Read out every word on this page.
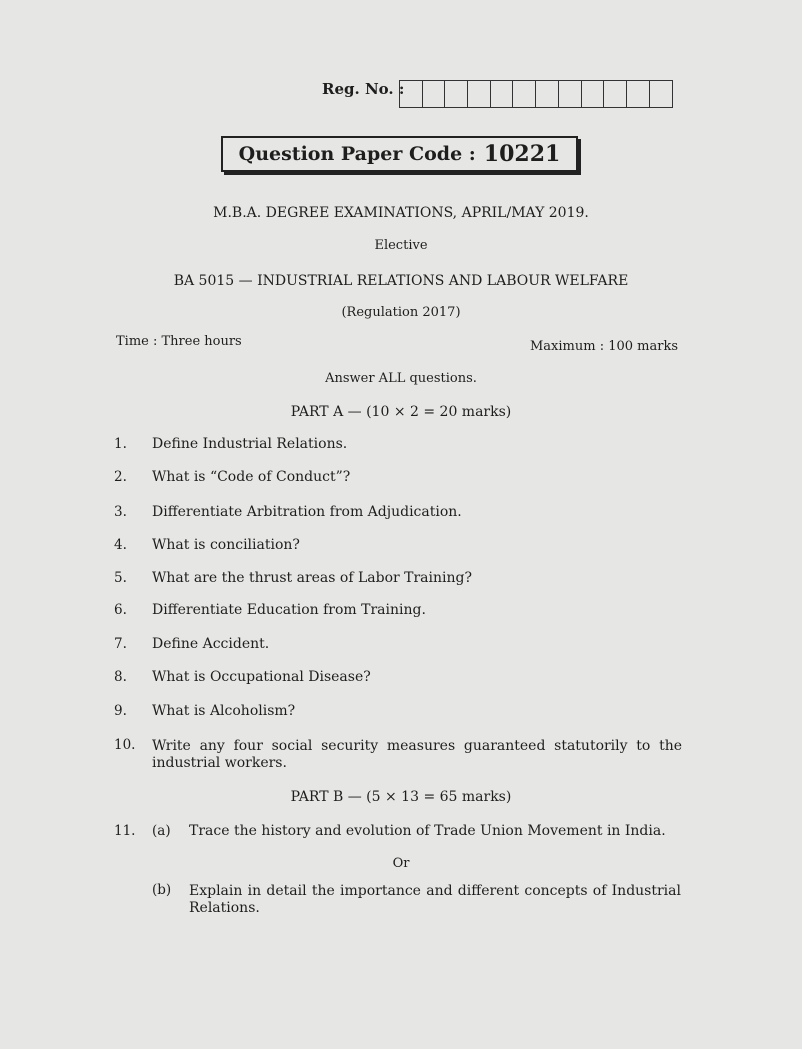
Reg. No. :
Question Paper Code : 10221
M.B.A. DEGREE EXAMINATIONS, APRIL/MAY 2019.
Elective
BA 5015 — INDUSTRIAL RELATIONS AND LABOUR WELFARE
(Regulation 2017)
Time : Three hours	Maximum : 100 marks
Answer ALL questions.
PART A — (10 × 2 = 20 marks)
1. Define Industrial Relations.
2. What is “Code of Conduct”?
3. Differentiate Arbitration from Adjudication.
4. What is conciliation?
5. What are the thrust areas of Labor Training?
6. Differentiate Education from Training.
7. Define Accident.
8. What is Occupational Disease?
9. What is Alcoholism?
10. Write any four social security measures guaranteed statutorily to the industrial workers.
PART B — (5 × 13 = 65 marks)
11. (a) Trace the history and evolution of Trade Union Movement in India.
Or
(b) Explain in detail the importance and different concepts of Industrial Relations.
